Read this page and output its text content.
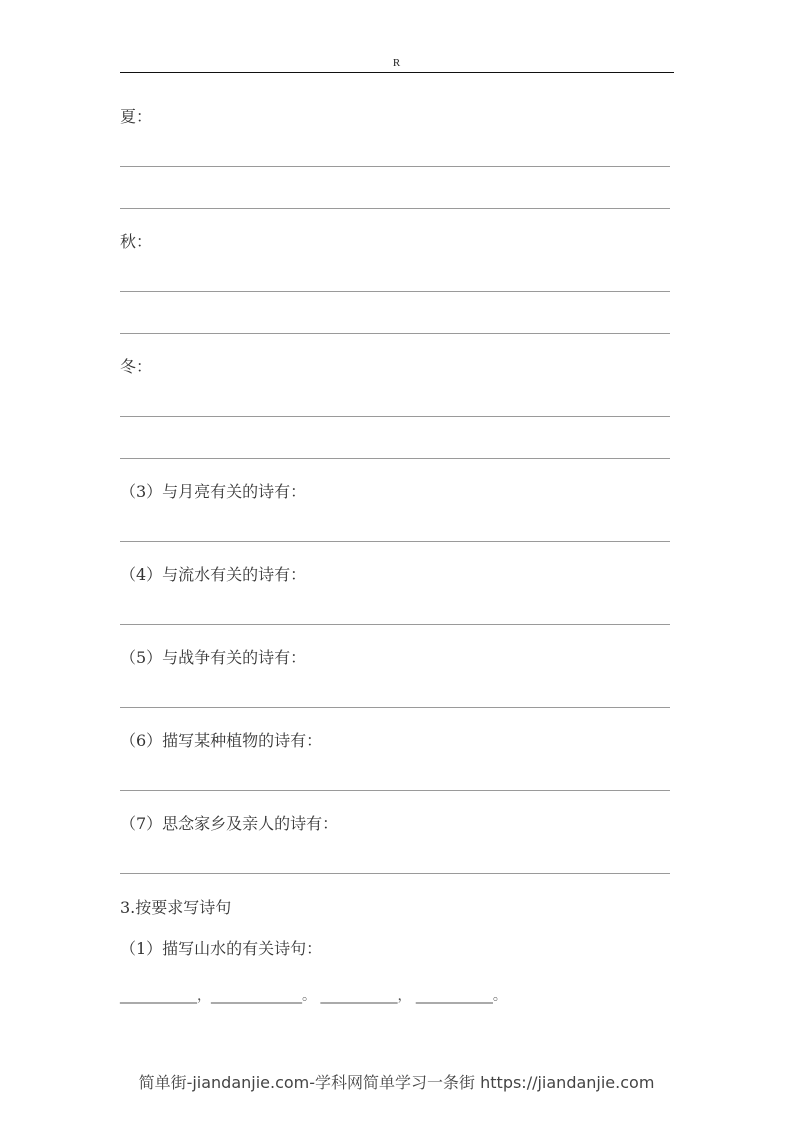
R
夏：
秋：
冬：
（3）与月亮有关的诗有：
（4）与流水有关的诗有：
（5）与战争有关的诗有：
（6）描写某种植物的诗有：
（7）思念家乡及亲人的诗有：
3.按要求写诗句
（1）描写山水的有关诗句：
___________，_____________。 ___________， ___________。
简单街-jiandanjie.com-学科网简单学习一条街 https://jiandanjie.com
